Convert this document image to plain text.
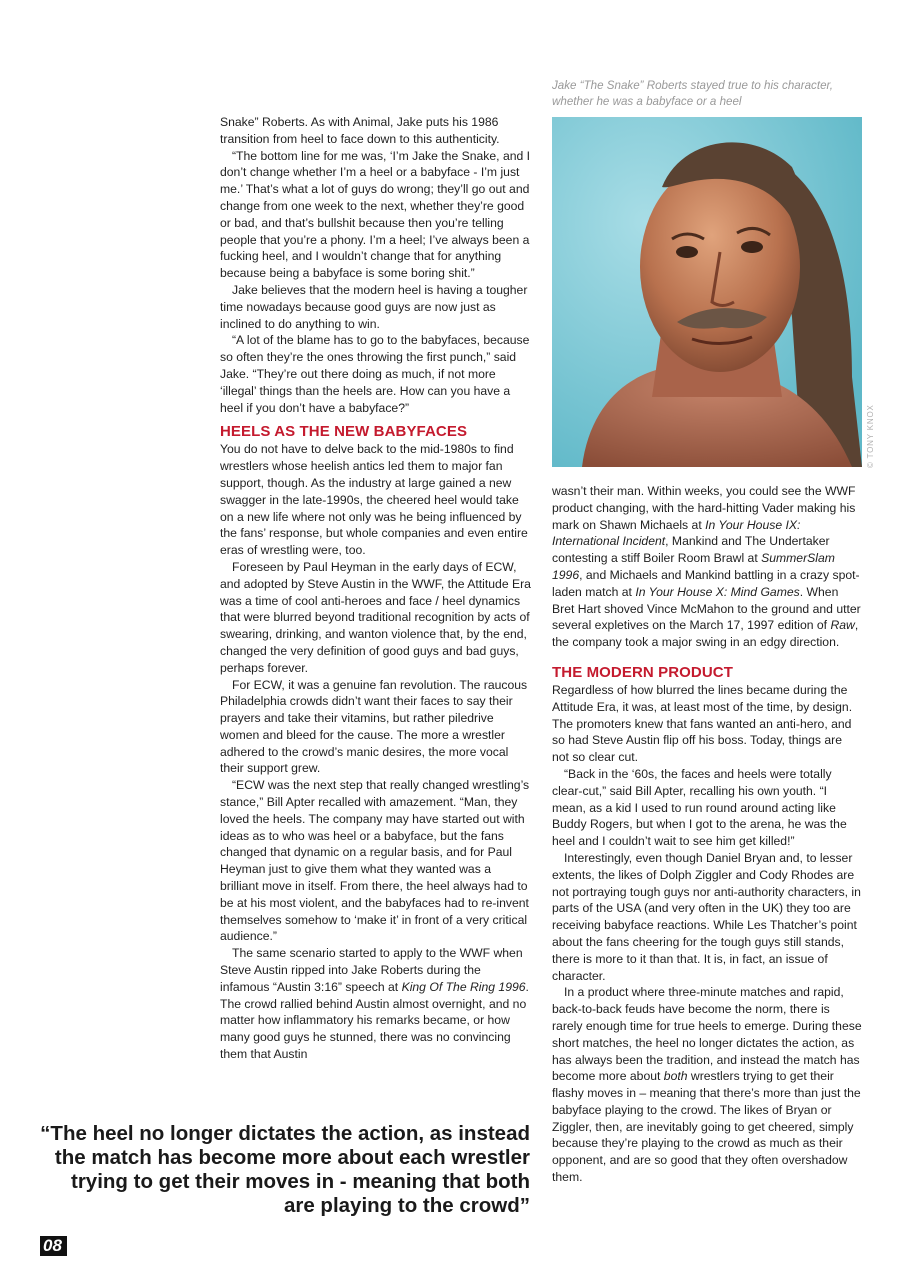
Jake “The Snake” Roberts stayed true to his character, whether he was a babyface or a heel
© TONY KNOX

Snake” Roberts. As with Animal, Jake puts his 1986 transition from heel to face down to this authenticity.

“The bottom line for me was, ‘I’m Jake the Snake, and I don’t change whether I’m a heel or a babyface - I’m just me.’ That’s what a lot of guys do wrong; they’ll go out and change from one week to the next, whether they’re good or bad, and that’s bullshit because then you’re telling people that you’re a phony. I’m a heel; I’ve always been a fucking heel, and I wouldn’t change that for anything because being a babyface is some boring shit.”

Jake believes that the modern heel is having a tougher time nowadays because good guys are now just as inclined to do anything to win.

“A lot of the blame has to go to the babyfaces, because so often they’re the ones throwing the first punch,” said Jake. “They’re out there doing as much, if not more ‘illegal’ things than the heels are. How can you have a heel if you don’t have a babyface?”

HEELS AS THE NEW BABYFACES

You do not have to delve back to the mid-1980s to find wrestlers whose heelish antics led them to major fan support, though. As the industry at large gained a new swagger in the late-1990s, the cheered heel would take on a new life where not only was he being influenced by the fans’ response, but whole companies and even entire eras of wrestling were, too.

Foreseen by Paul Heyman in the early days of ECW, and adopted by Steve Austin in the WWF, the Attitude Era was a time of cool anti-heroes and face / heel dynamics that were blurred beyond traditional recognition by acts of swearing, drinking, and wanton violence that, by the end, changed the very definition of good guys and bad guys, perhaps forever.

For ECW, it was a genuine fan revolution. The raucous Philadelphia crowds didn’t want their faces to say their prayers and take their vitamins, but rather piledrive women and bleed for the cause. The more a wrestler adhered to the crowd’s manic desires, the more vocal their support grew.

“ECW was the next step that really changed wrestling’s stance,” Bill Apter recalled with amazement. “Man, they loved the heels. The company may have started out with ideas as to who was heel or a babyface, but the fans changed that dynamic on a regular basis, and for Paul Heyman just to give them what they wanted was a brilliant move in itself. From there, the heel always had to be at his most violent, and the babyfaces had to re-invent themselves somehow to ‘make it’ in front of a very critical audience.”

The same scenario started to apply to the WWF when Steve Austin ripped into Jake Roberts during the infamous “Austin 3:16” speech at King Of The Ring 1996. The crowd rallied behind Austin almost overnight, and no matter how inflammatory his remarks became, or how many good guys he stunned, there was no convincing them that Austin

wasn’t their man. Within weeks, you could see the WWF product changing, with the hard-hitting Vader making his mark on Shawn Michaels at In Your House IX: International Incident, Mankind and The Undertaker contesting a stiff Boiler Room Brawl at SummerSlam 1996, and Michaels and Mankind battling in a crazy spot-laden match at In Your House X: Mind Games. When Bret Hart shoved Vince McMahon to the ground and utter several expletives on the March 17, 1997 edition of Raw, the company took a major swing in an edgy direction.

THE MODERN PRODUCT

Regardless of how blurred the lines became during the Attitude Era, it was, at least most of the time, by design. The promoters knew that fans wanted an anti-hero, and so had Steve Austin flip off his boss. Today, things are not so clear cut.

“Back in the ‘60s, the faces and heels were totally clear-cut,” said Bill Apter, recalling his own youth. “I mean, as a kid I used to run round around acting like Buddy Rogers, but when I got to the arena, he was the heel and I couldn’t wait to see him get killed!”

Interestingly, even though Daniel Bryan and, to lesser extents, the likes of Dolph Ziggler and Cody Rhodes are not portraying tough guys nor anti-authority characters, in parts of the USA (and very often in the UK) they too are receiving babyface reactions. While Les Thatcher’s point about the fans cheering for the tough guys still stands, there is more to it than that. It is, in fact, an issue of character.

In a product where three-minute matches and rapid, back-to-back feuds have become the norm, there is rarely enough time for true heels to emerge. During these short matches, the heel no longer dictates the action, as has always been the tradition, and instead the match has become more about both wrestlers trying to get their flashy moves in – meaning that there’s more than just the babyface playing to the crowd. The likes of Bryan or Ziggler, then, are inevitably going to get cheered, simply because they’re playing to the crowd as much as their opponent, and are so good that they often overshadow them.

“The heel no longer dictates the action, as instead the match has become more about each wrestler trying to get their moves in - meaning that both are playing to the crowd”
08
